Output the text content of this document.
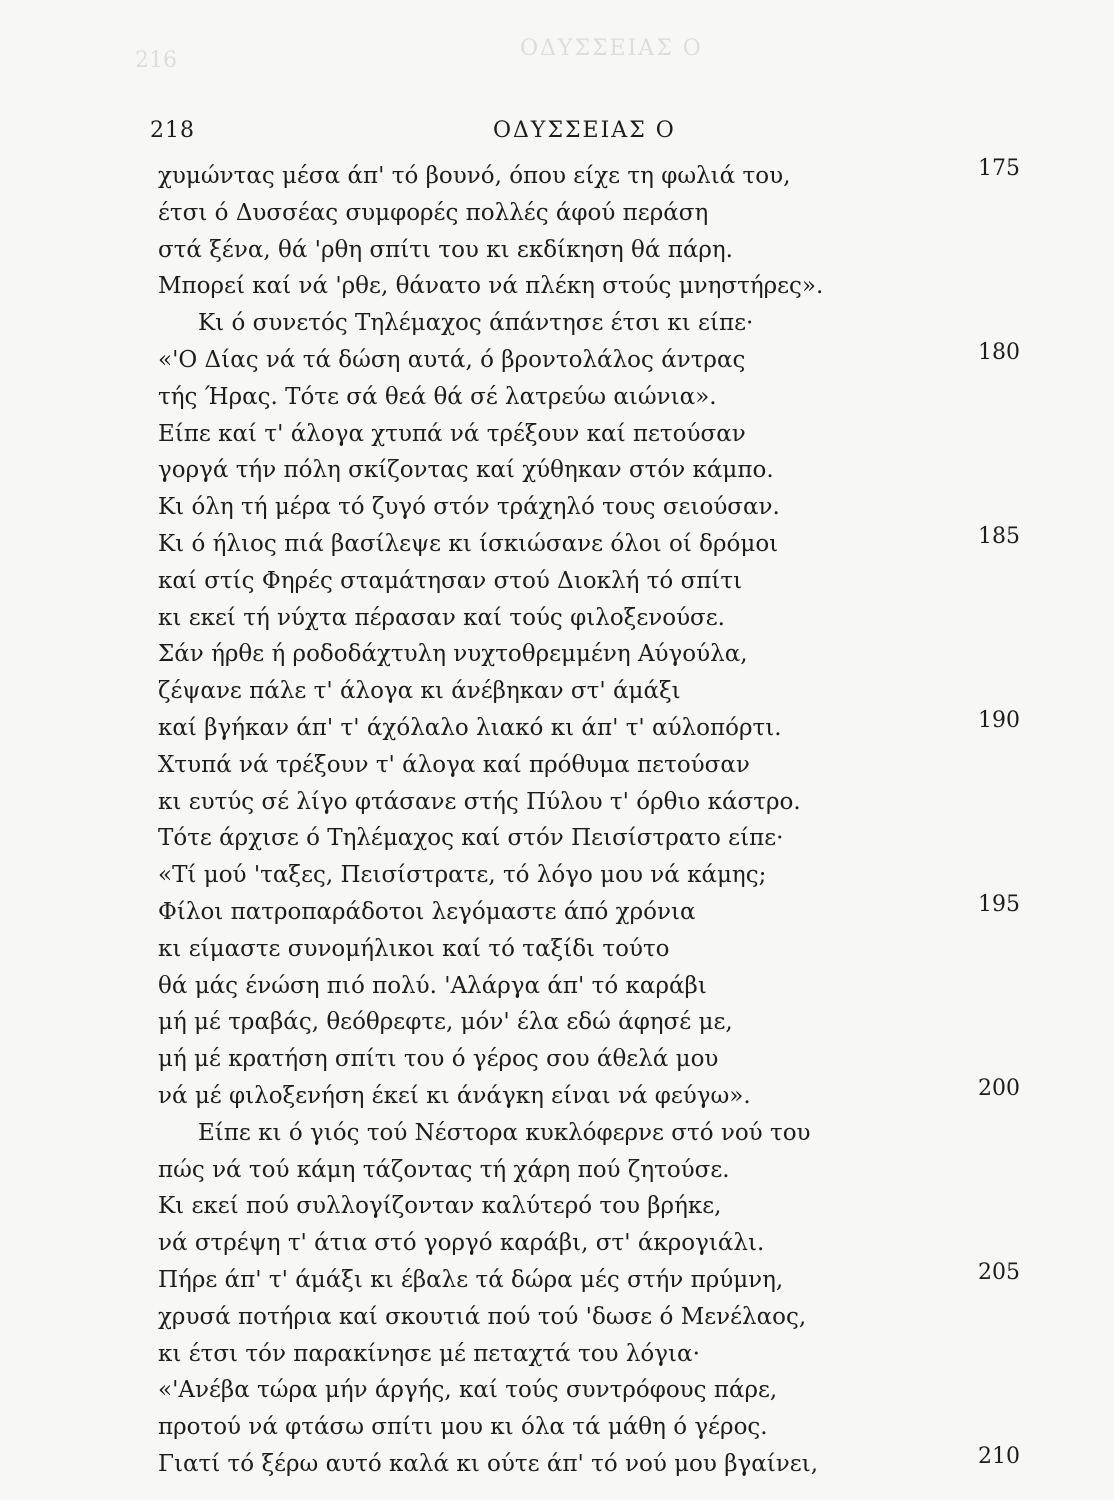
216	ΟΔΥΣΣΕΙΑΣ Ο
218	ΟΔΥΣΣΕΙΑΣ Ο
χυμώντας μέσα άπ' τό βουνό, όπου είχε τη φωλιά του,
έτσι ό Δυσσέας συμφορές πολλές άφού περάση
στά ξένα, θά 'ρθη σπίτι του κι εκδίκηση θά πάρη.
Μπορεί καί νά 'ρθε, θάνατο νά πλέκη στούς μνηστήρες».
Κι ό συνετός Τηλέμαχος άπάντησε έτσι κι είπε·
«'Ο Δίας νά τά δώση αυτά, ό βροντολάλος άντρας
τής Ήρας. Τότε σά θεά θά σέ λατρεύω αιώνια».
Είπε καί τ' άλογα χτυπά νά τρέξουν καί πετούσαν
γοργά τήν πόλη σκίζοντας καί χύθηκαν στόν κάμπο.
Κι όλη τή μέρα τό ζυγό στόν τράχηλό τους σειούσαν.
Κι ό ήλιος πιά βασίλεψε κι ίσκιώσανε όλοι οί δρόμοι
καί στίς Φηρές σταμάτησαν στού Διοκλή τό σπίτι
κι εκεί τή νύχτα πέρασαν καί τούς φιλοξενούσε.
Σάν ήρθε ή ροδοδάχτυλη νυχτοθρεμμένη Αύγούλα,
ζέψανε πάλε τ' άλογα κι άνέβηκαν στ' άμάξι
καί βγήκαν άπ' τ' άχόλαλο λιακό κι άπ' τ' αύλοπόρτι.
Χτυπά νά τρέξουν τ' άλογα καί πρόθυμα πετούσαν
κι ευτύς σέ λίγο φτάσανε στής Πύλου τ' όρθιο κάστρο.
Τότε άρχισε ό Τηλέμαχος καί στόν Πεισίστρατο είπε·
«Τί μού 'ταξες, Πεισίστρατε, τό λόγο μου νά κάμης;
Φίλοι πατροπαράδοτοι λεγόμαστε άπό χρόνια
κι είμαστε συνομήλικοι καί τό ταξίδι τούτο
θά μάς ένώση πιό πολύ. 'Αλάργα άπ' τό καράβι
μή μέ τραβάς, θεόθρεφτε, μόν' έλα εδώ άφησέ με,
μή μέ κρατήση σπίτι του ό γέρος σου άθελά μου
νά μέ φιλοξενήση έκεί κι άνάγκη είναι νά φεύγω».
Είπε κι ό γιός τού Νέστορα κυκλόφερνε στό νού του
πώς νά τού κάμη τάζοντας τή χάρη πού ζητούσε.
Κι εκεί πού συλλογίζονταν καλύτερό του βρήκε,
νά στρέψη τ' άτια στό γοργό καράβι, στ' άκρογιάλι.
Πήρε άπ' τ' άμάξι κι έβαλε τά δώρα μές στήν πρύμνη,
χρυσά ποτήρια καί σκουτιά πού τού 'δωσε ό Μενέλαος,
κι έτσι τόν παρακίνησε μέ πεταχτά του λόγια·
«'Ανέβα τώρα μήν άργής, καί τούς συντρόφους πάρε,
προτού νά φτάσω σπίτι μου κι όλα τά μάθη ό γέρος.
Γιατί τό ξέρω αυτό καλά κι ούτε άπ' τό νού μου βγαίνει,
175
180
185
190
195
200
205
210
